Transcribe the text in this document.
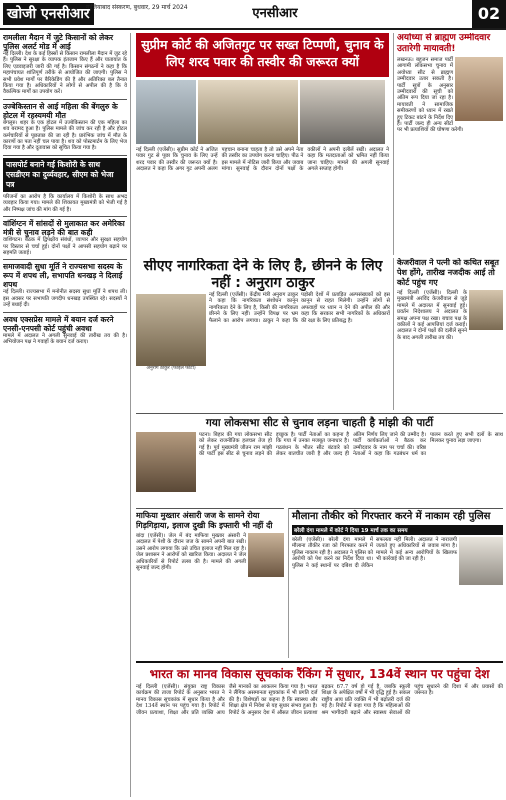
खोजी एनसीआर
गाजियाबाद संस्करण, बुधवार, 29 मार्च 2024	एनसीआर	02
रामलीला मैदान में जुटे किसानों को लेकर पुलिस अलर्ट मोड में आई
नई दिल्ली। देश के कई हिस्सों से किसान रामलीला मैदान में जुट रहे हैं। पुलिस ने सुरक्षा के व्यापक इंतजाम किए हैं और यातायात के लिए एडवाइजरी जारी की गई है। किसान संगठनों ने कहा है कि महापंचायत शांतिपूर्ण तरीके से आयोजित की जाएगी। पुलिस ने सभी प्रवेश मार्गों पर बैरिकेडिंग की है और अतिरिक्त बल तैनात किया गया है। अधिकारियों ने लोगों से अपील की है कि वे वैकल्पिक मार्गों का उपयोग करें।
उज्बेकिस्तान से आई महिला की बेंगलुरु के होटल में रहस्यमयी मौत
बेंगलुरु। शहर के एक होटल में उज्बेकिस्तान की एक महिला का शव बरामद हुआ है। पुलिस मामले की जांच कर रही है और होटल कर्मचारियों से पूछताछ की जा रही है। प्रारंभिक जांच में मौत के कारणों का पता नहीं चल पाया है। शव को पोस्टमार्टम के लिए भेज दिया गया है और दूतावास को सूचित किया गया है।
पासपोर्ट बनाने गई किशोरी के साथ एसडीएम का दुर्व्यवहार, सीएम को भेजा पत्र
परिजनों का आरोप है कि कार्यालय में किशोरी के साथ अभद्र व्यवहार किया गया। मामले की शिकायत मुख्यमंत्री को भेजी गई है और निष्पक्ष जांच की मांग की गई है।
वांशिंग्टन में सांसदों से मुलाकात कर अमेरिका मंत्री से चुनाव लड़ने की बात कही
वाशिंगटन। बैठक में द्विपक्षीय संबंधों, व्यापार और सुरक्षा सहयोग पर विस्तार से चर्चा हुई। दोनों पक्षों ने आपसी सहयोग बढ़ाने पर सहमति जताई।
समाजवादी सुधा मूर्ति ने राज्यसभा सदस्य के रूप में शपथ ली, सभापति धनखड़ ने दिलाई शपथ
नई दिल्ली। राज्यसभा में मनोनीत सदस्य सुधा मूर्ति ने शपथ ली। इस अवसर पर सभापति जगदीप धनखड़ उपस्थित रहे। सदस्यों ने उन्हें बधाई दी।
अवध एक्सप्रेस मामले में बयान दर्ज करने एनसी-एनपसी कोर्ट पहुंची अवधा
मामले में अदालत ने अगली सुनवाई की तारीख तय की है। अभियोजन पक्ष ने गवाहों के बयान दर्ज कराए।
सुप्रीम कोर्ट की अजितगुट पर सख्त टिप्पणी, चुनाव के लिए शरद पवार की तस्वीर की जरूरत क्यों
नई दिल्ली (एजेंसी)। सुप्रीम कोर्ट ने अजित पवार गुट से पूछा कि चुनाव के लिए उन्हें शरद पवार की तस्वीर की जरूरत क्यों है। अदालत ने कहा कि अगर गुट अपनी अलग पहचान बनाना चाहता है तो उसे अपने नेता की तस्वीर का उपयोग करना चाहिए। पीठ ने इस मामले में नोटिस जारी किया और जवाब मांगा। सुनवाई के दौरान दोनों पक्षों के वकीलों ने अपनी दलीलें रखीं। अदालत ने कहा कि मतदाताओं को भ्रमित नहीं किया जाना चाहिए। मामले की अगली सुनवाई अगले सप्ताह होगी।
अयोध्या से ब्राह्मण उम्मीदवार उतारेगी मायावती!
लखनऊ। बहुजन समाज पार्टी आगामी लोकसभा चुनाव में अयोध्या सीट से ब्राह्मण उम्मीदवार उतार सकती है। पार्टी सूत्रों के अनुसार उम्मीदवारों की सूची को अंतिम रूप दिया जा रहा है। मायावती ने सामाजिक समीकरणों को ध्यान में रखते हुए टिकट बांटने के निर्देश दिए हैं। पार्टी जल्द ही अन्य सीटों पर भी प्रत्याशियों की घोषणा करेगी।
सीएए नागरिकता देने के लिए है, छीनने के लिए नहीं : अनुराग ठाकुर
अनुराग ठाकुर (फाइल फोटो)
नई दिल्ली (एजेंसी)। केंद्रीय मंत्री अनुराग ठाकुर ने कहा कि नागरिकता संशोधन कानून नागरिकता देने के लिए है, किसी की नागरिकता छीनने के लिए नहीं। उन्होंने विपक्ष पर भ्रम फैलाने का आरोप लगाया। ठाकुर ने कहा कि पड़ोसी देशों में प्रताड़ित अल्पसंख्यकों को इस कानून से राहत मिलेगी। उन्होंने लोगों से अफवाहों पर ध्यान न देने की अपील की और कहा कि सरकार सभी नागरिकों के अधिकारों की रक्षा के लिए प्रतिबद्ध है।
केजरीवाल ने पत्नी को कथित सबूत पेश होंगे, तारीख नजदीक आई तो कोर्ट पहुंच गए
नई दिल्ली (एजेंसी)। दिल्ली के मुख्यमंत्री अरविंद केजरीवाल से जुड़े मामले में अदालत में सुनवाई हुई। प्रवर्तन निदेशालय ने अदालत के समक्ष अपना पक्ष रखा। बचाव पक्ष के वकीलों ने कई आपत्तियां दर्ज कराईं। अदालत ने दोनों पक्षों की दलीलें सुनने के बाद अगली तारीख तय की।
गया लोकसभा सीट से चुनाव लड़ना चाहती है मांझी की पार्टी
पटना। बिहार की गया लोकसभा सीट को लेकर राजनीतिक हलचल तेज हो गई है। पूर्व मुख्यमंत्री जीतन राम मांझी की पार्टी इस सीट से चुनाव लड़ने की इच्छुक है। पार्टी नेताओं का कहना है कि गया में उनका मजबूत जनाधार है। गठबंधन के भीतर सीट बंटवारे को लेकर बातचीत जारी है और जल्द ही अंतिम निर्णय लिए जाने की उम्मीद है। पार्टी कार्यकर्ताओं ने बैठक कर उम्मीदवार के नाम पर चर्चा की। वरिष्ठ नेताओं ने कहा कि गठबंधन धर्म का पालन करते हुए सभी दलों के साथ मिलकर चुनाव लड़ा जाएगा।
माफिया मुख्तार अंसारी जज के सामने रोया गिड़गिड़ाया, इलाज दुखी कि इफ्तारी भी नहीं दी
बांदा (एजेंसी)। जेल में बंद माफिया मुख्तार अंसारी ने अदालत में पेशी के दौरान जज के सामने अपनी बात रखी। उसने आरोप लगाया कि उसे उचित इलाज नहीं मिल रहा है। जेल प्रशासन ने आरोपों को खारिज किया। अदालत ने जेल अधिकारियों से रिपोर्ट तलब की है। मामले की अगली सुनवाई जल्द होगी।
मौलाना तौकीर को गिरफ्तार करने में नाकाम रही पुलिस
बरेली दंगा मामले में कोर्ट ने दिया 19 मार्च तक का समय
बरेली (एजेंसी)। बरेली दंगा मामले में मौलाना तौकीर रजा को गिरफ्तार करने में पुलिस नाकाम रही है। अदालत ने पुलिस को आरोपी को पेश करने का निर्देश दिया था। पुलिस ने कई स्थानों पर दबिश दी लेकिन सफलता नहीं मिली। अदालत ने नाराजगी जताते हुए अधिकारियों से जवाब मांगा है। मामले में कई अन्य आरोपियों के खिलाफ भी कार्रवाई की जा रही है।
भारत का मानव विकास सूचकांक रैंकिंग में सुधार, 134वें स्थान पर पहुंचा देश
नई दिल्ली (एजेंसी)। संयुक्त राष्ट्र विकास कार्यक्रम की ताजा रिपोर्ट के अनुसार भारत ने मानव विकास सूचकांक में सुधार किया है और देश 134वें स्थान पर पहुंच गया है। रिपोर्ट में जीवन प्रत्याशा, शिक्षा और प्रति व्यक्ति आय जैसे मानकों का आकलन किया गया है। भारत ने लैंगिक असमानता सूचकांक में भी प्रगति दर्ज की है। विशेषज्ञों का कहना है कि स्वास्थ्य और शिक्षा क्षेत्र में निवेश से यह सुधार संभव हुआ है। रिपोर्ट के अनुसार देश में औसत जीवन प्रत्याशा बढ़कर 67.7 वर्ष हो गई है, जबकि स्कूली शिक्षा के अपेक्षित वर्षों में भी वृद्धि हुई है। सकल राष्ट्रीय आय प्रति व्यक्ति में भी बढ़ोतरी दर्ज की गई है। रिपोर्ट में कहा गया है कि महिलाओं की श्रम भागीदारी बढ़ाने और स्वास्थ्य सेवाओं की पहुंच सुधारने की दिशा में और प्रयासों की जरूरत है।
